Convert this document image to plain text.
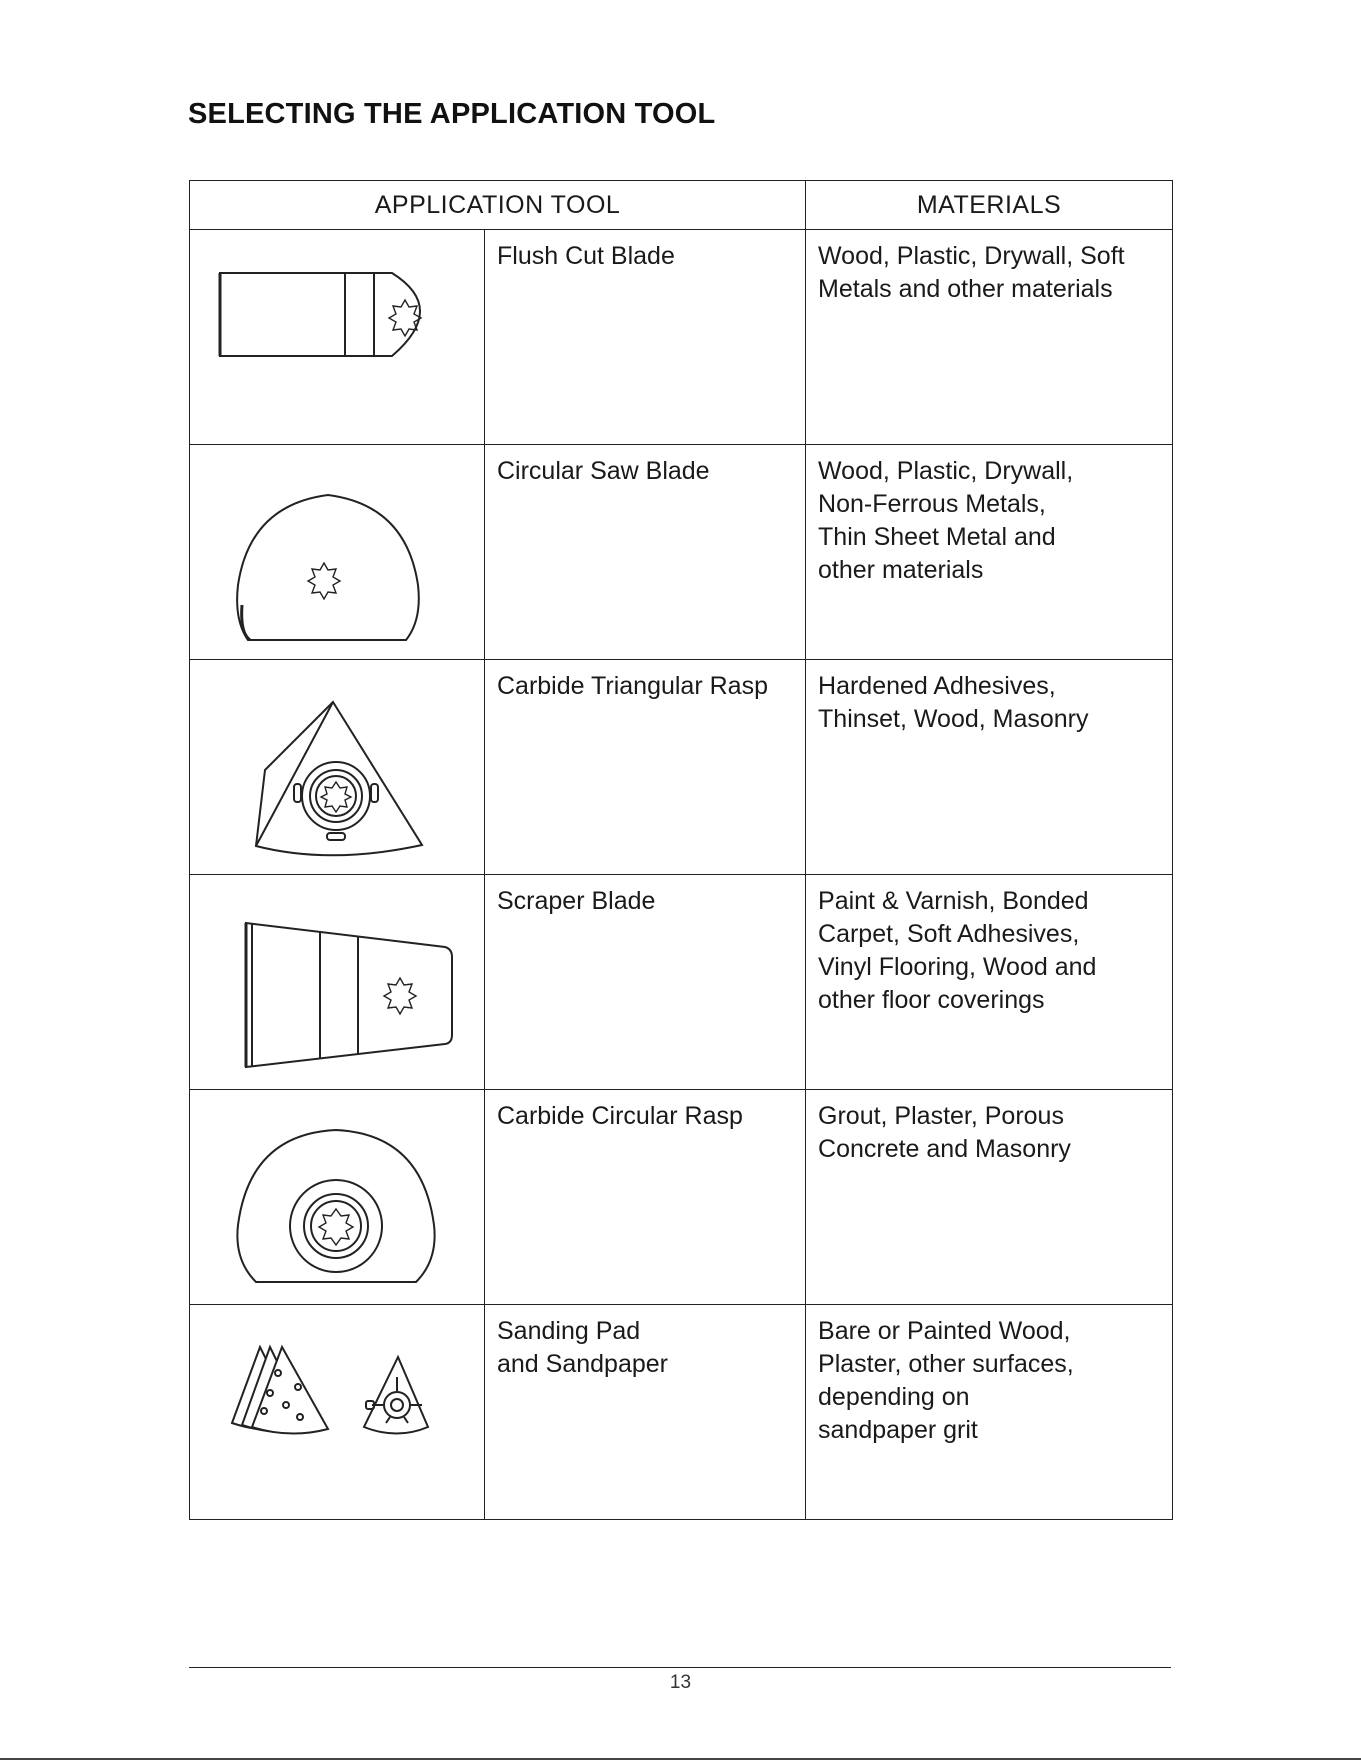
SELECTING THE APPLICATION TOOL
APPLICATION TOOL		MATERIALS

Flush Cut Blade	Wood, Plastic, Drywall, Soft
Metals and other materials

Circular Saw Blade	Wood, Plastic, Drywall,
Non-Ferrous Metals,
Thin Sheet Metal and
other materials

Carbide Triangular Rasp	Hardened Adhesives,
Thinset, Wood, Masonry

Scraper Blade	Paint & Varnish, Bonded
Carpet, Soft Adhesives,
Vinyl Flooring, Wood and
other floor coverings

Carbide Circular Rasp	Grout, Plaster, Porous
Concrete and Masonry

Sanding Pad
and Sandpaper	Bare or Painted Wood,
Plaster, other surfaces,
depending on
sandpaper grit
13
